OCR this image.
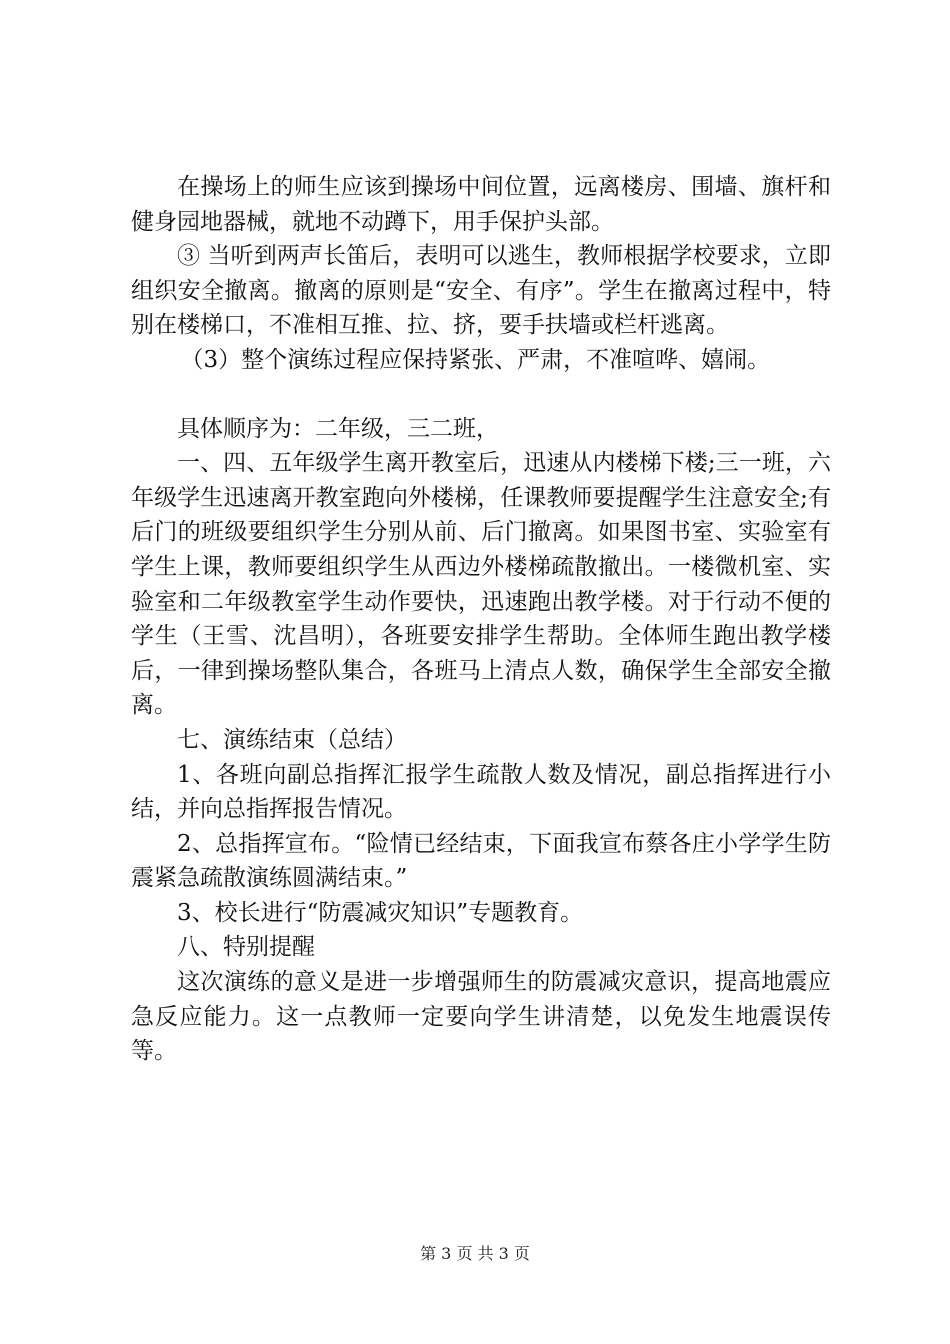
在操场上的师生应该到操场中间位置，远离楼房、围墙、旗杆和健身园地器械，就地不动蹲下，用手保护头部。

③ 当听到两声长笛后，表明可以逃生，教师根据学校要求，立即组织安全撤离。撤离的原则是“安全、有序”。学生在撤离过程中，特别在楼梯口，不准相互推、拉、挤，要手扶墙或栏杆逃离。

（3）整个演练过程应保持紧张、严肃，不准喧哗、嬉闹。

具体顺序为：二年级，三二班，

一、四、五年级学生离开教室后，迅速从内楼梯下楼;三一班，六年级学生迅速离开教室跑向外楼梯，任课教师要提醒学生注意安全;有后门的班级要组织学生分别从前、后门撤离。如果图书室、实验室有学生上课，教师要组织学生从西边外楼梯疏散撤出。一楼微机室、实验室和二年级教室学生动作要快，迅速跑出教学楼。对于行动不便的学生（王雪、沈昌明），各班要安排学生帮助。全体师生跑出教学楼后，一律到操场整队集合，各班马上清点人数，确保学生全部安全撤离。

七、演练结束（总结）

1、各班向副总指挥汇报学生疏散人数及情况，副总指挥进行小结，并向总指挥报告情况。

2、总指挥宣布。“险情已经结束，下面我宣布蔡各庄小学学生防震紧急疏散演练圆满结束。”

3、校长进行“防震减灾知识”专题教育。

八、特别提醒

这次演练的意义是进一步增强师生的防震减灾意识，提高地震应急反应能力。这一点教师一定要向学生讲清楚，以免发生地震误传等。

第 3 页 共 3 页
